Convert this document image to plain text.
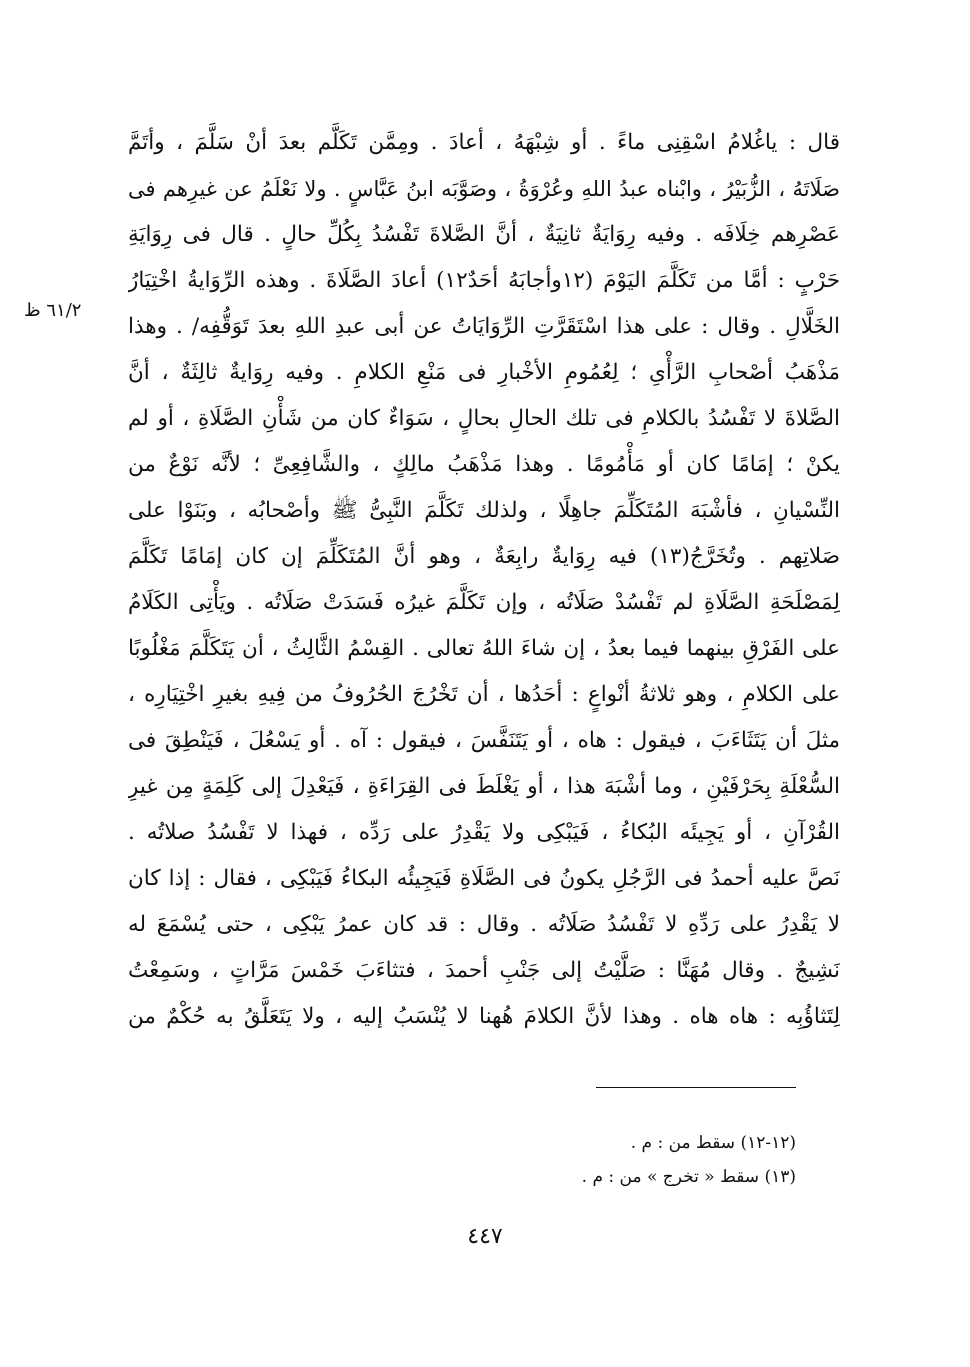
قال : ياغُلامُ اسْقِنِى ماءً . أو شِبْهَهُ ، أعادَ . ومِمَّن تَكَلَّم بعدَ أنْ سَلَّمَ ، وأتَمَّ
صَلَاتَهُ ، الزُّبَيْرُ ، وابْناه عبدُ اللهِ وعُرْوَةُ ، وصَوَّبَه ابنُ عَبَّاسٍ . ولا نَعْلَمُ عن غيرِهم فى
عَصْرِهم خِلَافَه . وفيه رِوَايَةٌ ثانِيَةٌ ، أنَّ الصَّلاةَ تَفْسُدُ بِكُلِّ حالٍ . قال فى رِوَايَةِ
حَرْبٍ : أمَّا من تَكَلَّمَ اليَوْمَ (١٢وأجابَهُ أحَدٌ١٢) أعادَ الصَّلَاةَ . وهذه الرِّوَايةُ اخْتِيَارُ
الخَلَّالِ . وقال : على هذا اسْتَقَرَّتِ الرِّوَايَاتُ عن أبى عبدِ اللهِ بعدَ تَوَقُّفِه/ . وهذا
مَذْهَبُ أصْحابِ الرَّأْىِ ؛ لِعُمُومِ الأخْبارِ فى مَنْعِ الكلامِ . وفيه رِوَايةٌ ثالِثَةٌ ، أنَّ
الصَّلاةَ لا تَفْسُدُ بالكلامِ فى تلك الحالِ بحالٍ ، سَوَاءٌ كان من شَأْنِ الصَّلَاةِ ، أو لم
يكنْ ؛ إمَامًا كان أو مَأْمُومًا . وهذا مَذْهَبُ مالِكٍ ، والشَّافِعِىِّ ؛ لأنَّه نَوْعٌ من
النِّسْيانِ ، فأشْبَهَ المُتَكَلِّمَ جاهِلًا ، ولذلك تَكَلَّمَ النَّبِىُّ ﷺ وأصْحابُه ، وبَنَوْا على
صَلاتِهم . وتُخَرَّجُ(١٣) فيه رِوَايةٌ رابِعَةٌ ، وهو أنَّ المُتَكَلِّمَ إن كان إمَامًا تَكَلَّمَ
لِمَصْلَحَةِ الصَّلَاةِ لم تَفْسُدْ صَلَاتُه ، وإن تَكَلَّمَ غيرُه فَسَدَتْ صَلَاتُه . ويَأْتِى الكَلَامُ
على الفَرْقِ بينهما فيما بعدُ ، إن شاءَ اللهُ تعالى . القِسْمُ الثَّالِثُ ، أن يَتَكَلَّمَ مَغْلُوبًا
على الكلامِ ، وهو ثلاثةُ أنْواعٍ : أحَدُها ، أن تَخْرُجَ الحُرُوفُ من فِيهِ بغيرِ اخْتِيَارِه ،
مثلَ أن يَتَثَاءَبَ ، فيقول : هاه ، أو يَتَنَفَّسَ ، فيقول : آه . أو يَسْعُلَ ، فَيَنْطِقَ فى
السُّعْلَةِ بِحَرْفَيْنِ ، وما أشْبَهَ هذا ، أو يَغْلَطَ فى القِرَاءَةِ ، فَيَعْدِلَ إلى كَلِمَةٍ مِن غيرِ
القُرْآنِ ، أو يَجِيئَه البُكاءُ ، فَيَبْكِى ولا يَقْدِرُ على رَدِّه ، فهذا لا تَفْسُدُ صلاتُه .
نَصَّ عليه أحمدُ فى الرَّجُلِ يكونُ فى الصَّلَاةِ فَيَجِيئُه البكاءُ فَيَبْكِى ، فقال : إذا كان
لا يَقْدِرُ على رَدِّهِ لا تَفْسُدُ صَلَاتُه . وقال : قد كان عمرُ يَبْكِى ، حتى يُسْمَعَ له
نَشِيجٌ . وقال مُهَنَّا : صَلَّيْتُ إلى جَنْبِ أحمدَ ، فتثاءَبَ خَمْسَ مَرَّاتٍ ، وسَمِعْتُ
لِتَثاؤُبِه : هاه هاه . وهذا لأنَّ الكلامَ هُهنا لا يُنْسَبُ إليه ، ولا يَتَعَلَّقُ به حُكْمٌ من
٦١/٢ ظ
(١٢-١٢) سقط من : م .
(١٣) سقط « تخرج » من : م .
٤٤٧
